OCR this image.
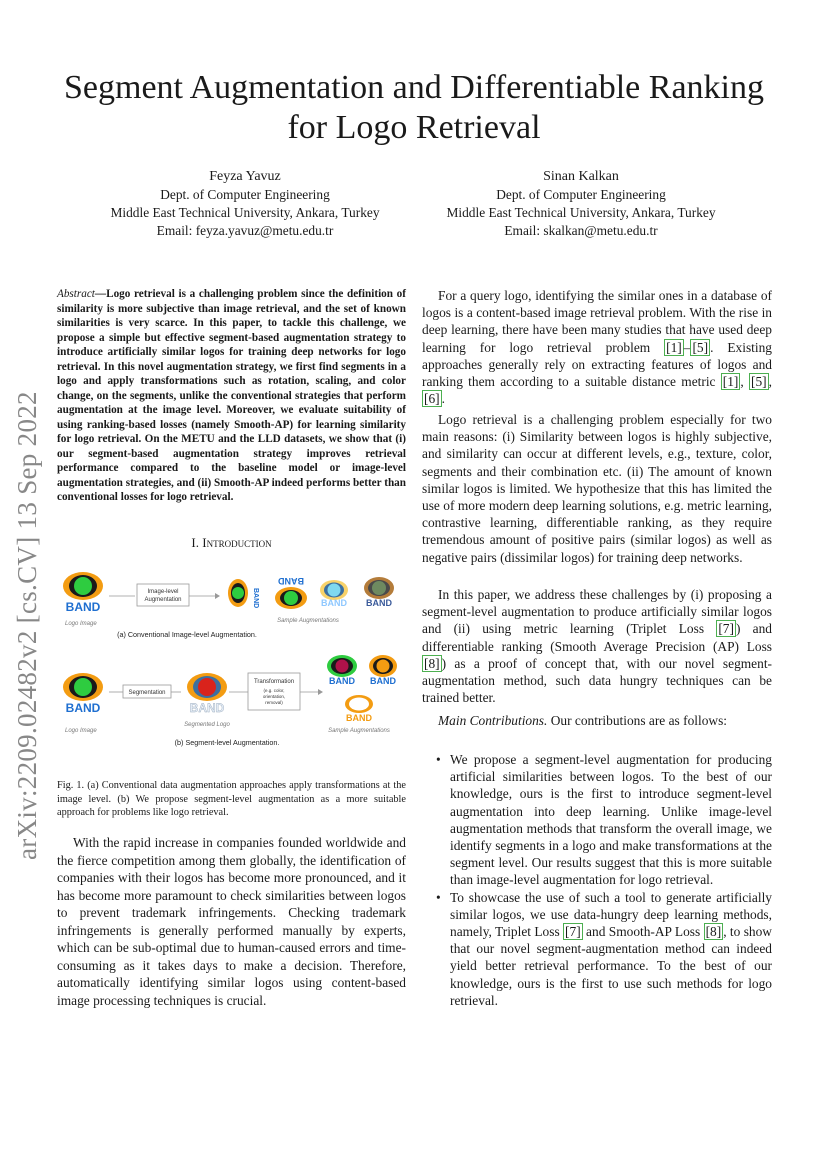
Segment Augmentation and Differentiable Ranking
for Logo Retrieval
Feyza Yavuz
Dept. of Computer Engineering
Middle East Technical University, Ankara, Turkey
Email: feyza.yavuz@metu.edu.tr
Sinan Kalkan
Dept. of Computer Engineering
Middle East Technical University, Ankara, Turkey
Email: skalkan@metu.edu.tr
arXiv:2209.02482v2 [cs.CV] 13 Sep 2022
Abstract—Logo retrieval is a challenging problem since the definition of similarity is more subjective than image retrieval, and the set of known similarities is very scarce. In this paper, to tackle this challenge, we propose a simple but effective segment-based augmentation strategy to introduce artificially similar logos for training deep networks for logo retrieval. In this novel augmentation strategy, we first find segments in a logo and apply transformations such as rotation, scaling, and color change, on the segments, unlike the conventional strategies that perform augmentation at the image level. Moreover, we evaluate suitability of using ranking-based losses (namely Smooth-AP) for learning similarity for logo retrieval. On the METU and the LLD datasets, we show that (i) our segment-based augmentation strategy improves retrieval performance compared to the baseline model or image-level augmentation strategies, and (ii) Smooth-AP indeed performs better than conventional losses for logo retrieval.
I. Introduction
BAND
Logo Image
Image-level
Augmentation	BAND
BAND
BAND BAND
Sample Augmentations
(a) Conventional Image-level Augmentation.
BAND
Logo Image
Segmentation
BAND
Segmented Logo
Transformation
(e.g. color,
orientation,
removal)
BAND BAND
BAND
Sample Augmentations
(b) Segment-level Augmentation.
Fig. 1. (a) Conventional data augmentation approaches apply transformations at the image level. (b) We propose segment-level augmentation as a more suitable approach for problems like logo retrieval.
With the rapid increase in companies founded worldwide and the fierce competition among them globally, the identification of companies with their logos has become more pronounced, and it has become more paramount to check similarities between logos to prevent trademark infringements. Checking trademark infringements is generally performed manually by experts, which can be sub-optimal due to human-caused errors and time-consuming as it takes days to make a decision. Therefore, automatically identifying similar logos using content-based image processing techniques is crucial.
For a query logo, identifying the similar ones in a database of logos is a content-based image retrieval problem. With the rise in deep learning, there have been many studies that have used deep learning for logo retrieval problem [1] – [5] . Existing approaches generally rely on extracting features of logos and ranking them according to a suitable distance metric [1] , [5] , [6] .
Logo retrieval is a challenging problem especially for two main reasons: (i) Similarity between logos is highly subjective, and similarity can occur at different levels, e.g., texture, color, segments and their combination etc. (ii) The amount of known similar logos is limited. We hypothesize that this has limited the use of more modern deep learning solutions, e.g. metric learning, contrastive learning, differentiable ranking, as they require tremendous amount of positive pairs (similar logos) as well as negative pairs (dissimilar logos) for training deep networks.
In this paper, we address these challenges by (i) proposing a segment-level augmentation to produce artificially similar logos and (ii) using metric learning (Triplet Loss [7] ) and differentiable ranking (Smooth Average Precision (AP) Loss [8] ) as a proof of concept that, with our novel segment-augmentation method, such data hungry techniques can be trained better.
Main Contributions. Our contributions are as follows:
• We propose a segment-level augmentation for producing artificial similarities between logos. To the best of our knowledge, ours is the first to introduce segment-level augmentation into deep learning. Unlike image-level augmentation methods that transform the overall image, we identify segments in a logo and make transformations at the segment level. Our results suggest that this is more suitable than image-level augmentation for logo retrieval.
• To showcase the use of such a tool to generate artificially similar logos, we use data-hungry deep learning methods, namely, Triplet Loss [7] and Smooth-AP Loss [8] , to show that our novel segment-augmentation method can indeed yield better retrieval performance. To the best of our knowledge, ours is the first to use such methods for logo retrieval.
